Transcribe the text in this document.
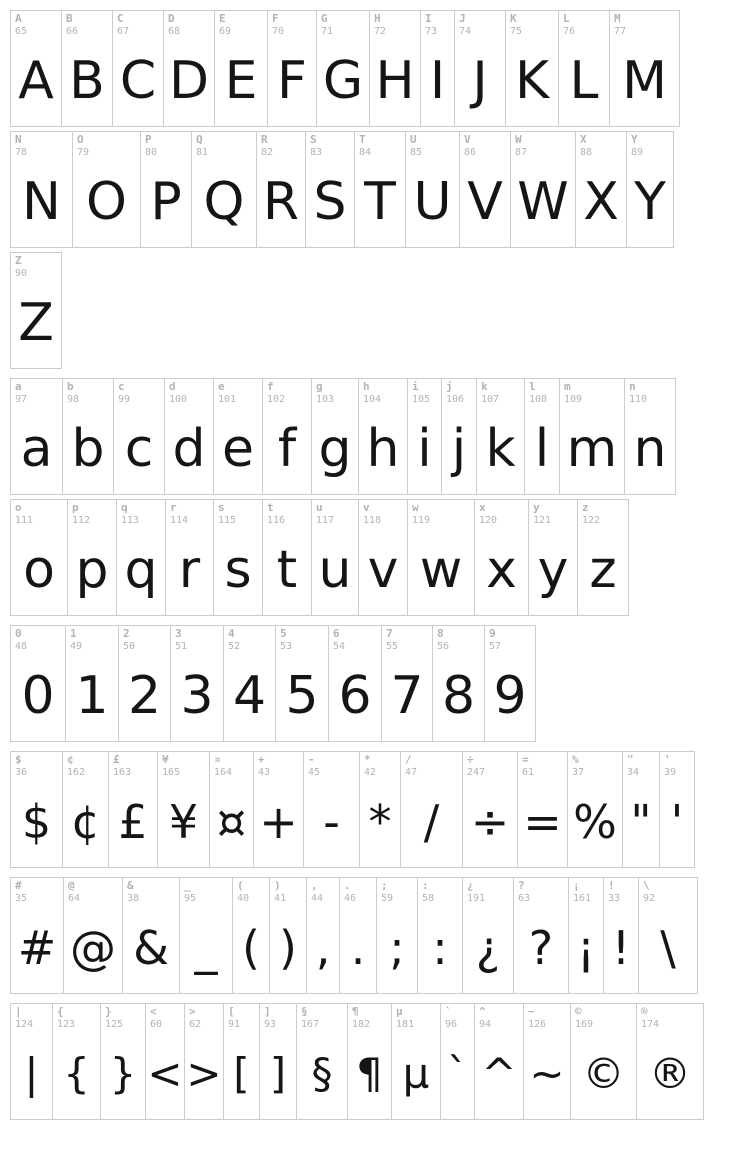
A
65
A
B
66
B
C
67
C
D
68
D
E
69
E
F
70
F
G
71
G
H
72
H
I
73
I
J
74
J
K
75
K
L
76
L
M
77
M
N
78
N
O
79
O
P
80
P
Q
81
Q
R
82
R
S
83
S
T
84
T
U
85
U
V
86
V
W
87
W
X
88
X
Y
89
Y
Z
90
Z
a
97
a
b
98
b
c
99
c
d
100
d
e
101
e
f
102
f
g
103
g
h
104
h
i
105
i
j
106
j
k
107
k
l
108
l
m
109
m
n
110
n
o
111
o
p
112
p
q
113
q
r
114
r
s
115
s
t
116
t
u
117
u
v
118
v
w
119
w
x
120
x
y
121
y
z
122
z
0
48
0
1
49
1
2
50
2
3
51
3
4
52
4
5
53
5
6
54
6
7
55
7
8
56
8
9
57
9
$
36
$
¢
162
¢
£
163
£
¥
165
¥
¤
164
¤
+
43
+
-
45
-
*
42
*
/
47
/
÷
247
÷
=
61
=
%
37
%
"
34
"
'
39
'
#
35
#
@
64
@
&
38
&
_
95
_
(
40
(
)
41
)
,
44
,
.
46
.
;
59
;
:
58
:
¿
191
¿
?
63
?
¡
161
¡
!
33
!
\
92
\
|
124
|
{
123
{
}
125
}
<
60
<
>
62
>
[
91
[
]
93
]
§
167
§
¶
182
¶
µ
181
µ
`
96
`
^
94
^
~
126
~
©
169
©
®
174
®
